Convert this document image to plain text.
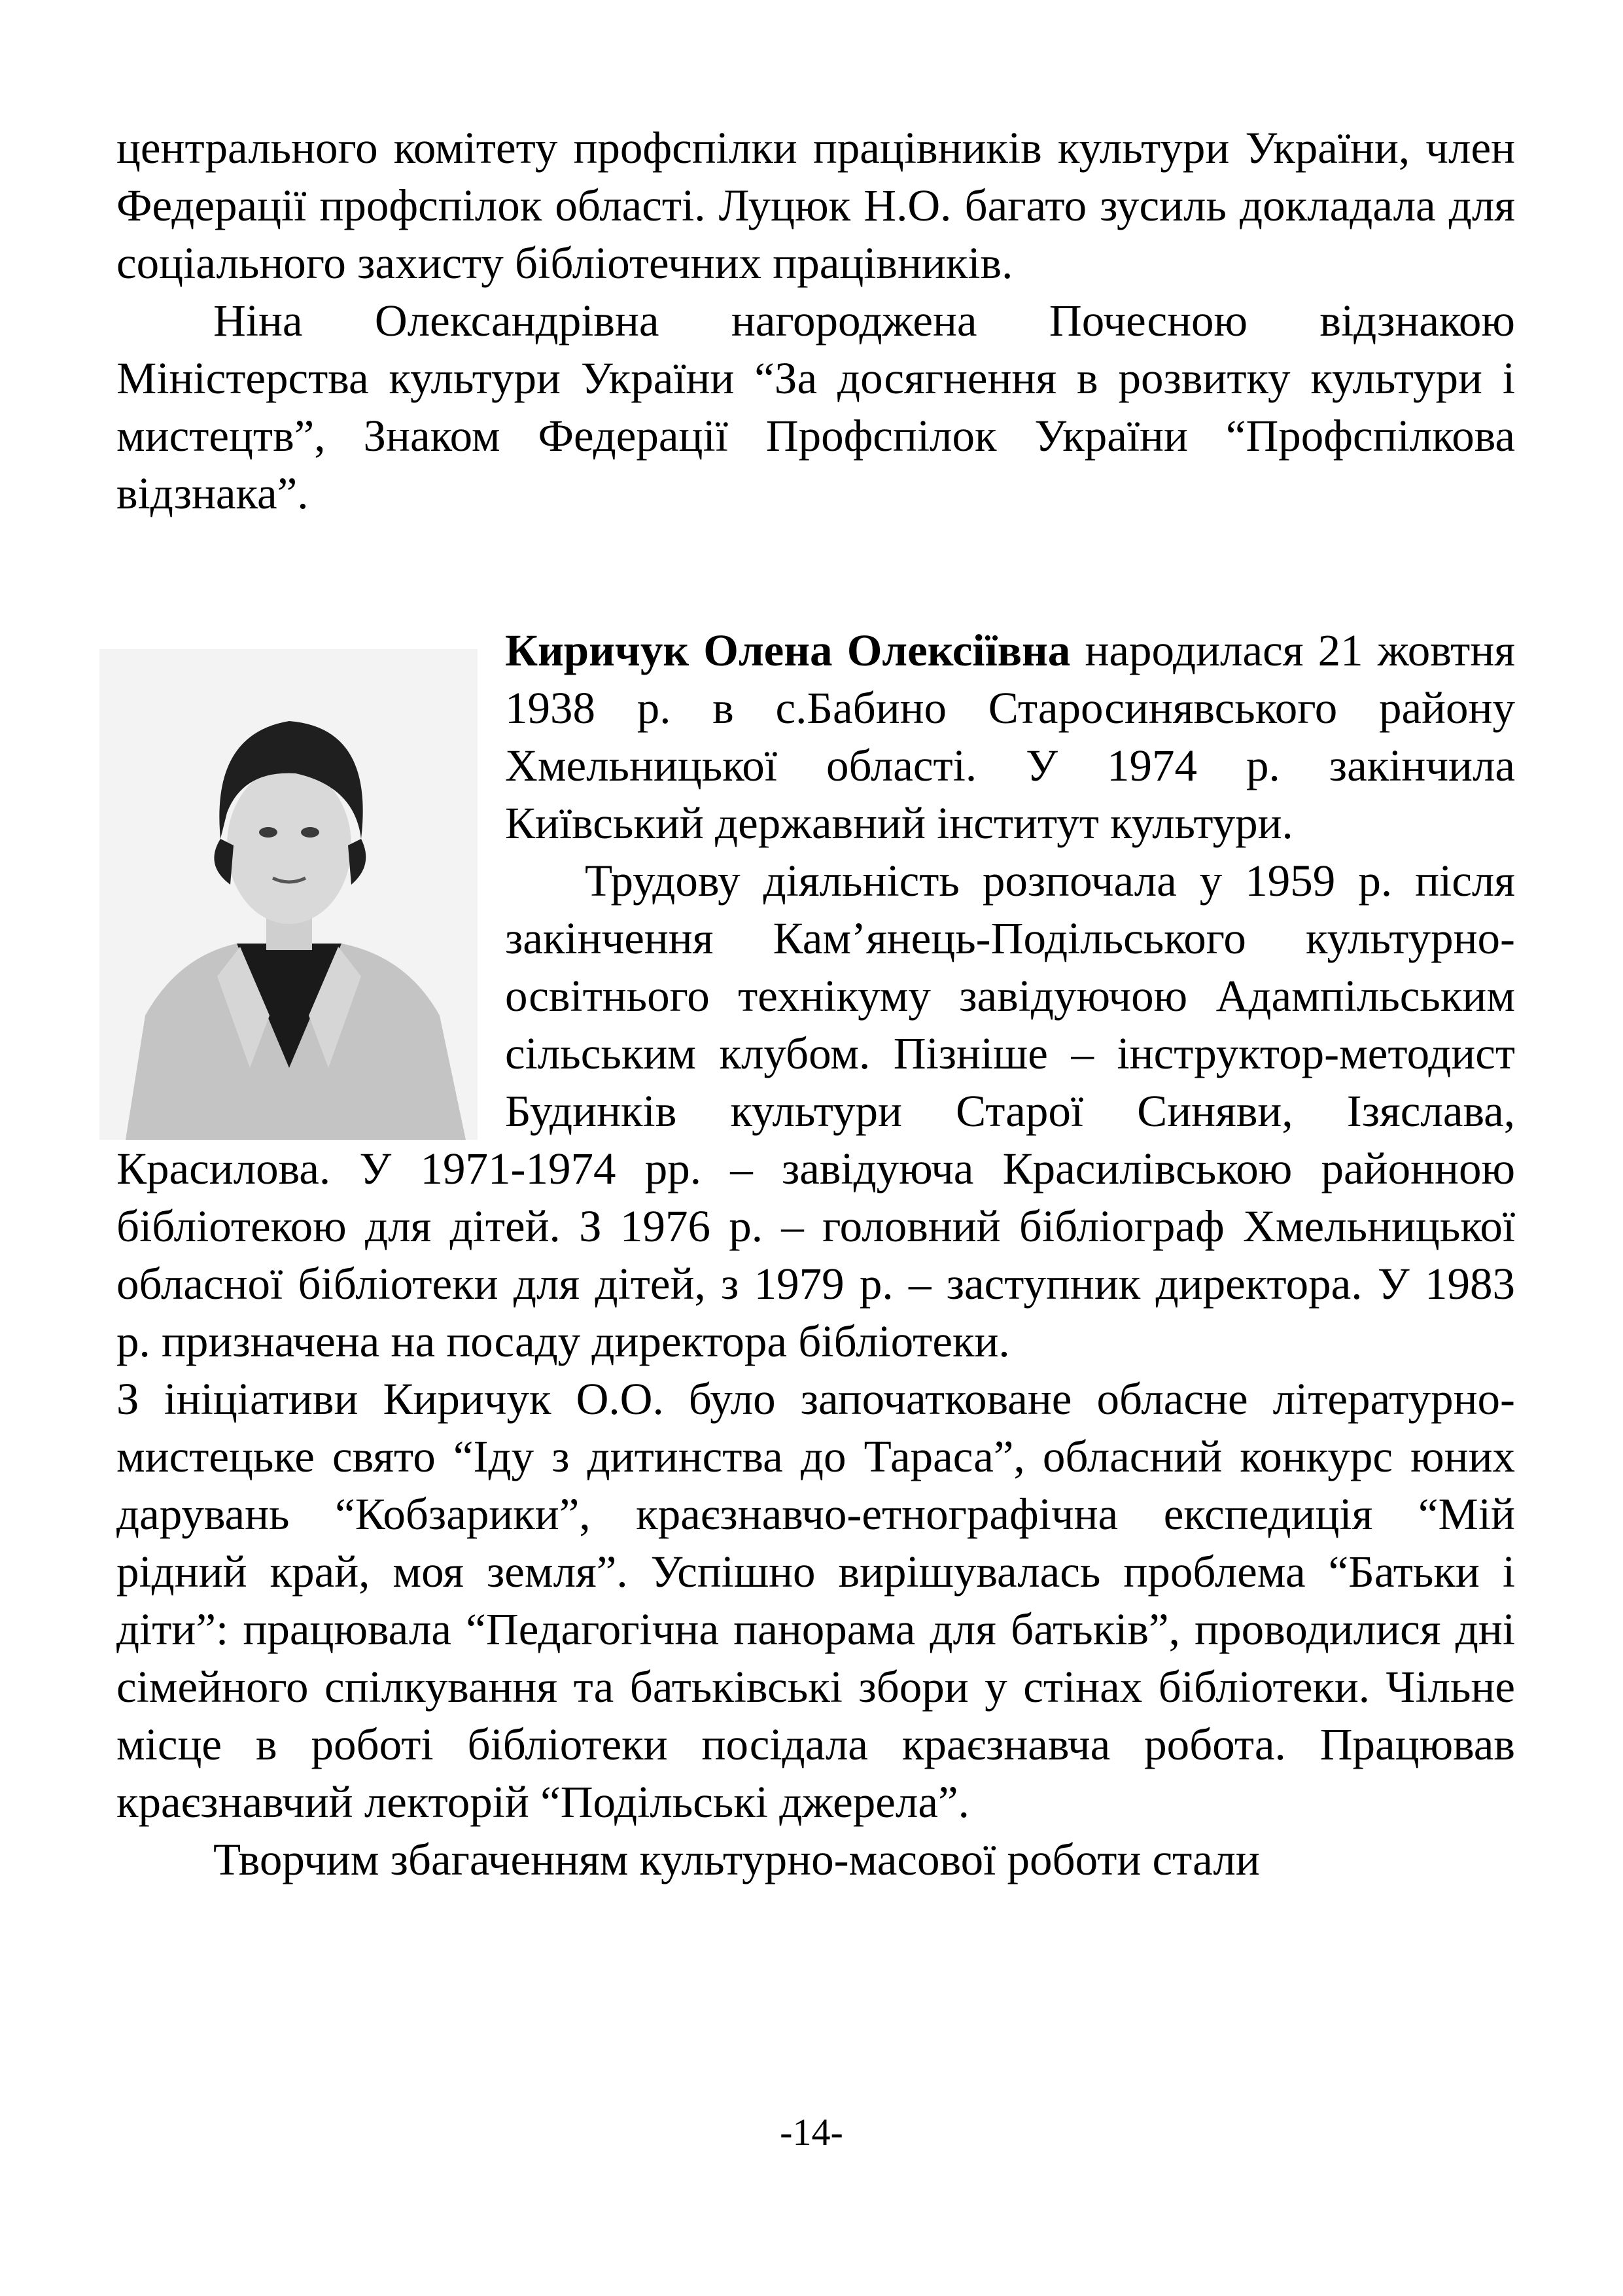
центрального комітету профспілки працівників культури України, член Федерації профспілок області. Луцюк Н.О. багато зусиль докладала для соціального захисту бібліотечних працівників.

Ніна Олександрівна нагороджена Почесною відзнакою Міністерства культури України “За досягнення в розвитку культури і мистецтв”, Знаком Федерації Профспілок України “Профспілкова відзнака”.

Киричук Олена Олексіївна народилася 21 жовтня 1938 р. в с.Бабино Старосинявського району Хмельницької області. У 1974 р. закінчила Київський державний інститут культури.

Трудову діяльність розпочала у 1959 р. після закінчення Кам’янець-Подільського культурно-освітнього технікуму завідуючою Адампільським сільським клубом. Пізніше – інструктор-методист Будинків культури Старої Синяви, Ізяслава, Красилова. У 1971-1974 рр. – завідуюча Красилівською районною бібліотекою для дітей. З 1976 р. – головний бібліограф Хмельницької обласної бібліотеки для дітей, з 1979 р. – заступник директора. У 1983 р. призначена на посаду директора бібліотеки.

З ініціативи Киричук О.О. було започатковане обласне літературно-мистецьке свято “Іду з дитинства до Тараса”, обласний конкурс юних дарувань “Кобзарики”, краєзнавчо-етнографічна експедиція “Мій рідний край, моя земля”. Успішно вирішувалась проблема “Батьки і діти”: працювала “Педагогічна панорама для батьків”, проводилися дні сімейного спілкування та батьківські збори у стінах бібліотеки. Чільне місце в роботі бібліотеки посідала краєзнавча робота. Працював краєзнавчий лекторій “Подільські джерела”.

Творчим збагаченням культурно-масової роботи стали

-14-
